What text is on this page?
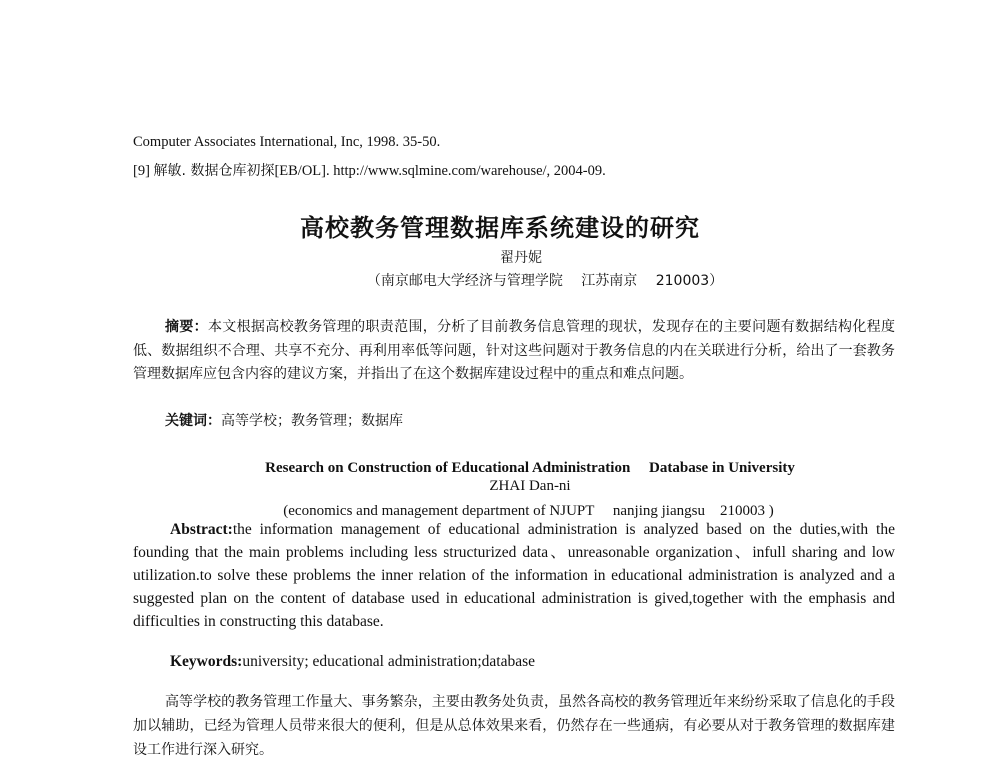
Computer Associates International, Inc, 1998. 35-50.
[9] 解敏. 数据仓库初探[EB/OL]. http://www.sqlmine.com/warehouse/, 2004-09.
高校教务管理数据库系统建设的研究
翟丹妮
（南京邮电大学经济与管理学院　 江苏南京　 210003）

摘要：本文根据高校教务管理的职责范围，分析了目前教务信息管理的现状，发现存在的主要问题有数据结构化程度低、数据组织不合理、共享不充分、再利用率低等问题，针对这些问题对于教务信息的内在关联进行分析，给出了一套教务管理数据库应包含内容的建议方案，并指出了在这个数据库建设过程中的重点和难点问题。

关键词：高等学校；教务管理；数据库
Research on Construction of Educational Administration　 Database in University
ZHAI Dan-ni
(economics and management department of NJUPT　 nanjing jiangsu　210003 )

Abstract:the information management of educational administration is analyzed based on the duties,with the founding that the main problems including less structurized data、unreasonable organization、infull sharing and low utilization.to solve these problems the inner relation of the information in educational administration is analyzed and a suggested plan on the content of database used in educational administration is gived,together with the emphasis and difficulties in constructing this database.

Keywords:university; educational administration;database

高等学校的教务管理工作量大、事务繁杂，主要由教务处负责，虽然各高校的教务管理近年来纷纷采取了信息化的手段加以辅助，已经为管理人员带来很大的便利，但是从总体效果来看，仍然存在一些通病，有必要从对于教务管理的数据库建设工作进行深入研究。
